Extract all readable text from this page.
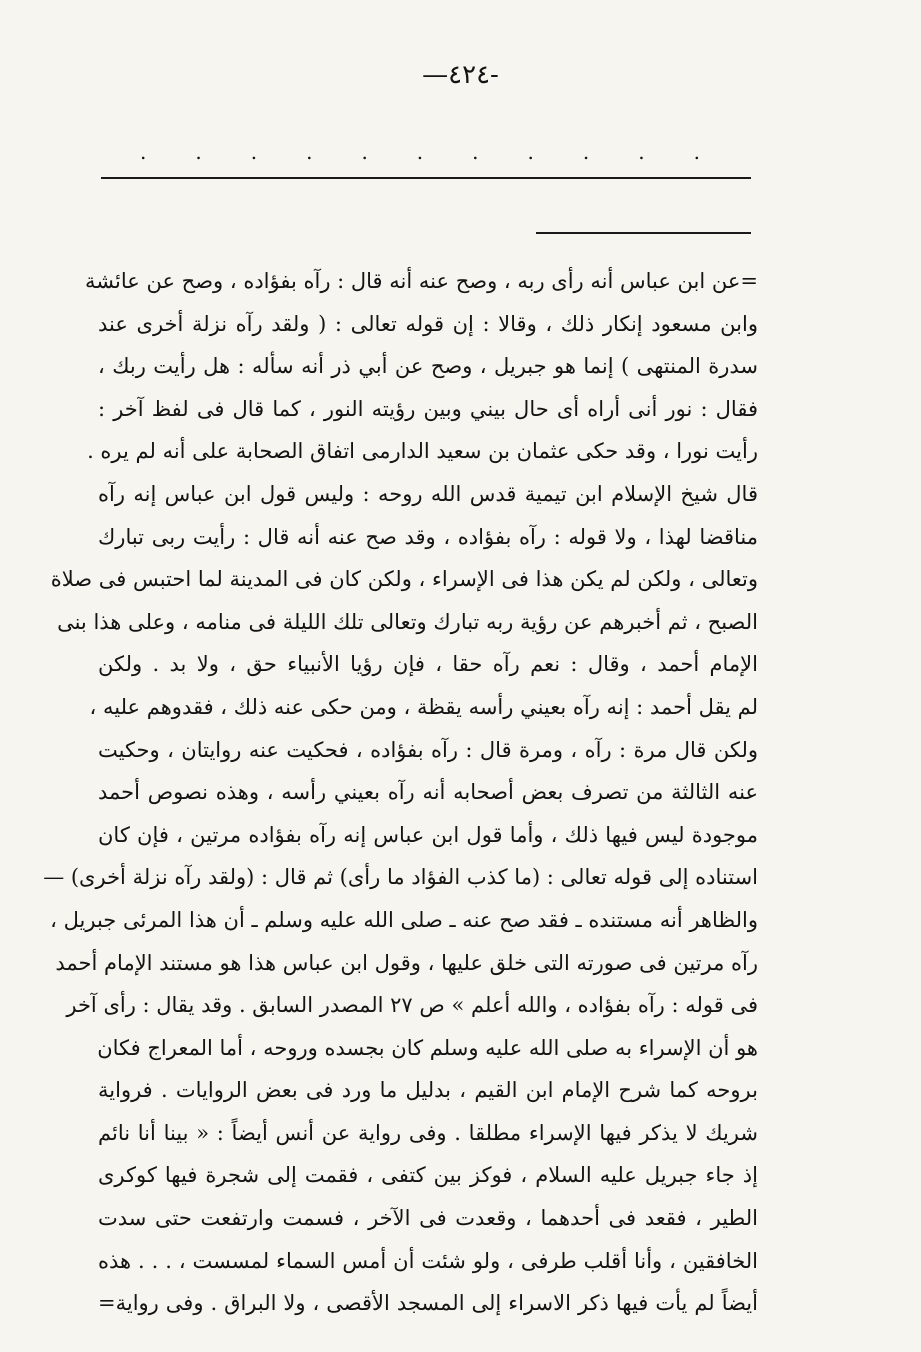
—٤٢٤-
. . . . . . . . . . .
=عن ابن عباس أنه رأى ربه ، وصح عنه أنه قال : رآه بفؤاده ، وصح عن عائشة
وابن مسعود إنكار ذلك ، وقالا : إن قوله تعالى : ( ولقد رآه نزلة أخرى عند
سدرة المنتهى ) إنما هو جبريل ، وصح عن أبي ذر أنه سأله : هل رأيت ربك ،
فقال : نور أنى أراه أى حال بيني وبين رؤيته النور ، كما قال فى لفظ آخر :
رأيت نورا ، وقد حكى عثمان بن سعيد الدارمى اتفاق الصحابة على أنه لم يره .
قال شيخ الإسلام ابن تيمية قدس الله روحه : وليس قول ابن عباس إنه رآه
مناقضا لهذا ، ولا قوله : رآه بفؤاده ، وقد صح عنه أنه قال : رأيت ربى تبارك
وتعالى ، ولكن لم يكن هذا فى الإسراء ، ولكن كان فى المدينة لما احتبس فى صلاة
الصبح ، ثم أخبرهم عن رؤية ربه تبارك وتعالى تلك الليلة فى منامه ، وعلى هذا بنى
الإمام أحمد ، وقال : نعم رآه حقا ، فإن رؤيا الأنبياء حق ، ولا بد . ولكن
لم يقل أحمد : إنه رآه بعيني رأسه يقظة ، ومن حكى عنه ذلك ، فقدوهم عليه ،
ولكن قال مرة : رآه ، ومرة قال : رآه بفؤاده ، فحكيت عنه روايتان ، وحكيت
عنه الثالثة من تصرف بعض أصحابه أنه رآه بعيني رأسه ، وهذه نصوص أحمد
موجودة ليس فيها ذلك ، وأما قول ابن عباس إنه رآه بفؤاده مرتين ، فإن كان
استناده إلى قوله تعالى : (ما كذب الفؤاد ما رأى) ثم قال : (ولقد رآه نزلة أخرى) —
والظاهر أنه مستنده ـ فقد صح عنه ـ صلى الله عليه وسلم ـ أن هذا المرئى جبريل ،
رآه مرتين فى صورته التى خلق عليها ، وقول ابن عباس هذا هو مستند الإمام أحمد
فى قوله : رآه بفؤاده ، والله أعلم » ص ٢٧ المصدر السابق . وقد يقال : رأى آخر
هو أن الإسراء به صلى الله عليه وسلم كان بجسده وروحه ، أما المعراج فكان
بروحه كما شرح الإمام ابن القيم ، بدليل ما ورد فى بعض الروايات . فرواية
شريك لا يذكر فيها الإسراء مطلقا . وفى رواية عن أنس أيضاً : « بينا أنا نائم
إذ جاء جبريل عليه السلام ، فوكز بين كتفى ، فقمت إلى شجرة فيها كوكرى
الطير ، فقعد فى أحدهما ، وقعدت فى الآخر ، فسمت وارتفعت حتى سدت
الخافقين ، وأنا أقلب طرفى ، ولو شئت أن أمس السماء لمسست ، . . . هذه
أيضاً لم يأت فيها ذكر الاسراء إلى المسجد الأقصى ، ولا البراق . وفى رواية=
